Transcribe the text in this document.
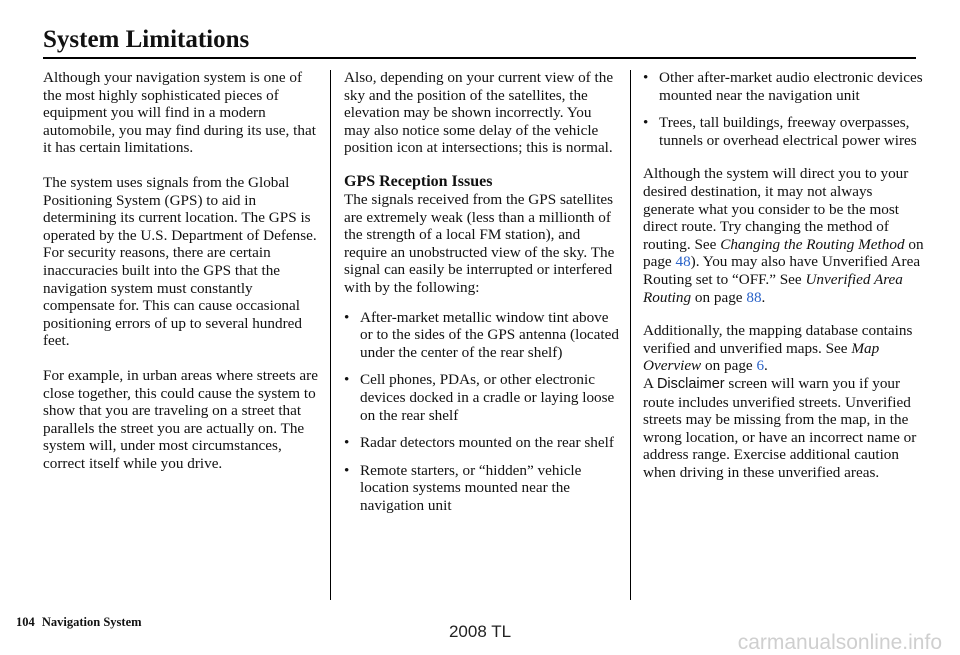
System Limitations

Although your navigation system is one of the most highly sophisticated pieces of equipment you will find in a modern automobile, you may find during its use, that it has certain limitations.

The system uses signals from the Global Positioning System (GPS) to aid in determining its current location. The GPS is operated by the U.S. Department of Defense. For security reasons, there are certain inaccuracies built into the GPS that the navigation system must constantly compensate for. This can cause occasional positioning errors of up to several hundred feet.

For example, in urban areas where streets are close together, this could cause the system to show that you are traveling on a street that parallels the street you are actually on. The system will, under most circumstances, correct itself while you drive.

Also, depending on your current view of the sky and the position of the satellites, the elevation may be shown incorrectly. You may also notice some delay of the vehicle position icon at intersections; this is normal.

GPS Reception Issues

The signals received from the GPS satellites are extremely weak (less than a millionth of the strength of a local FM station), and require an unobstructed view of the sky. The signal can easily be interrupted or interfered with by the following:

• After-market metallic window tint above or to the sides of the GPS antenna (located under the center of the rear shelf)
• Cell phones, PDAs, or other electronic devices docked in a cradle or laying loose on the rear shelf
• Radar detectors mounted on the rear shelf
• Remote starters, or “hidden” vehicle location systems mounted near the navigation unit
• Other after-market audio electronic devices mounted near the navigation unit
• Trees, tall buildings, freeway overpasses, tunnels or overhead electrical power wires

Although the system will direct you to your desired destination, it may not always generate what you consider to be the most direct route. Try changing the method of routing. See Changing the Routing Method on page 48). You may also have Unverified Area Routing set to “OFF.” See Unverified Area Routing on page 88.

Additionally, the mapping database contains verified and unverified maps. See Map Overview on page 6.
A Disclaimer screen will warn you if your route includes unverified streets. Unverified streets may be missing from the map, in the wrong location, or have an incorrect name or address range. Exercise additional caution when driving in these unverified areas.

104 Navigation System	2008 TL	carmanualsonline.info
